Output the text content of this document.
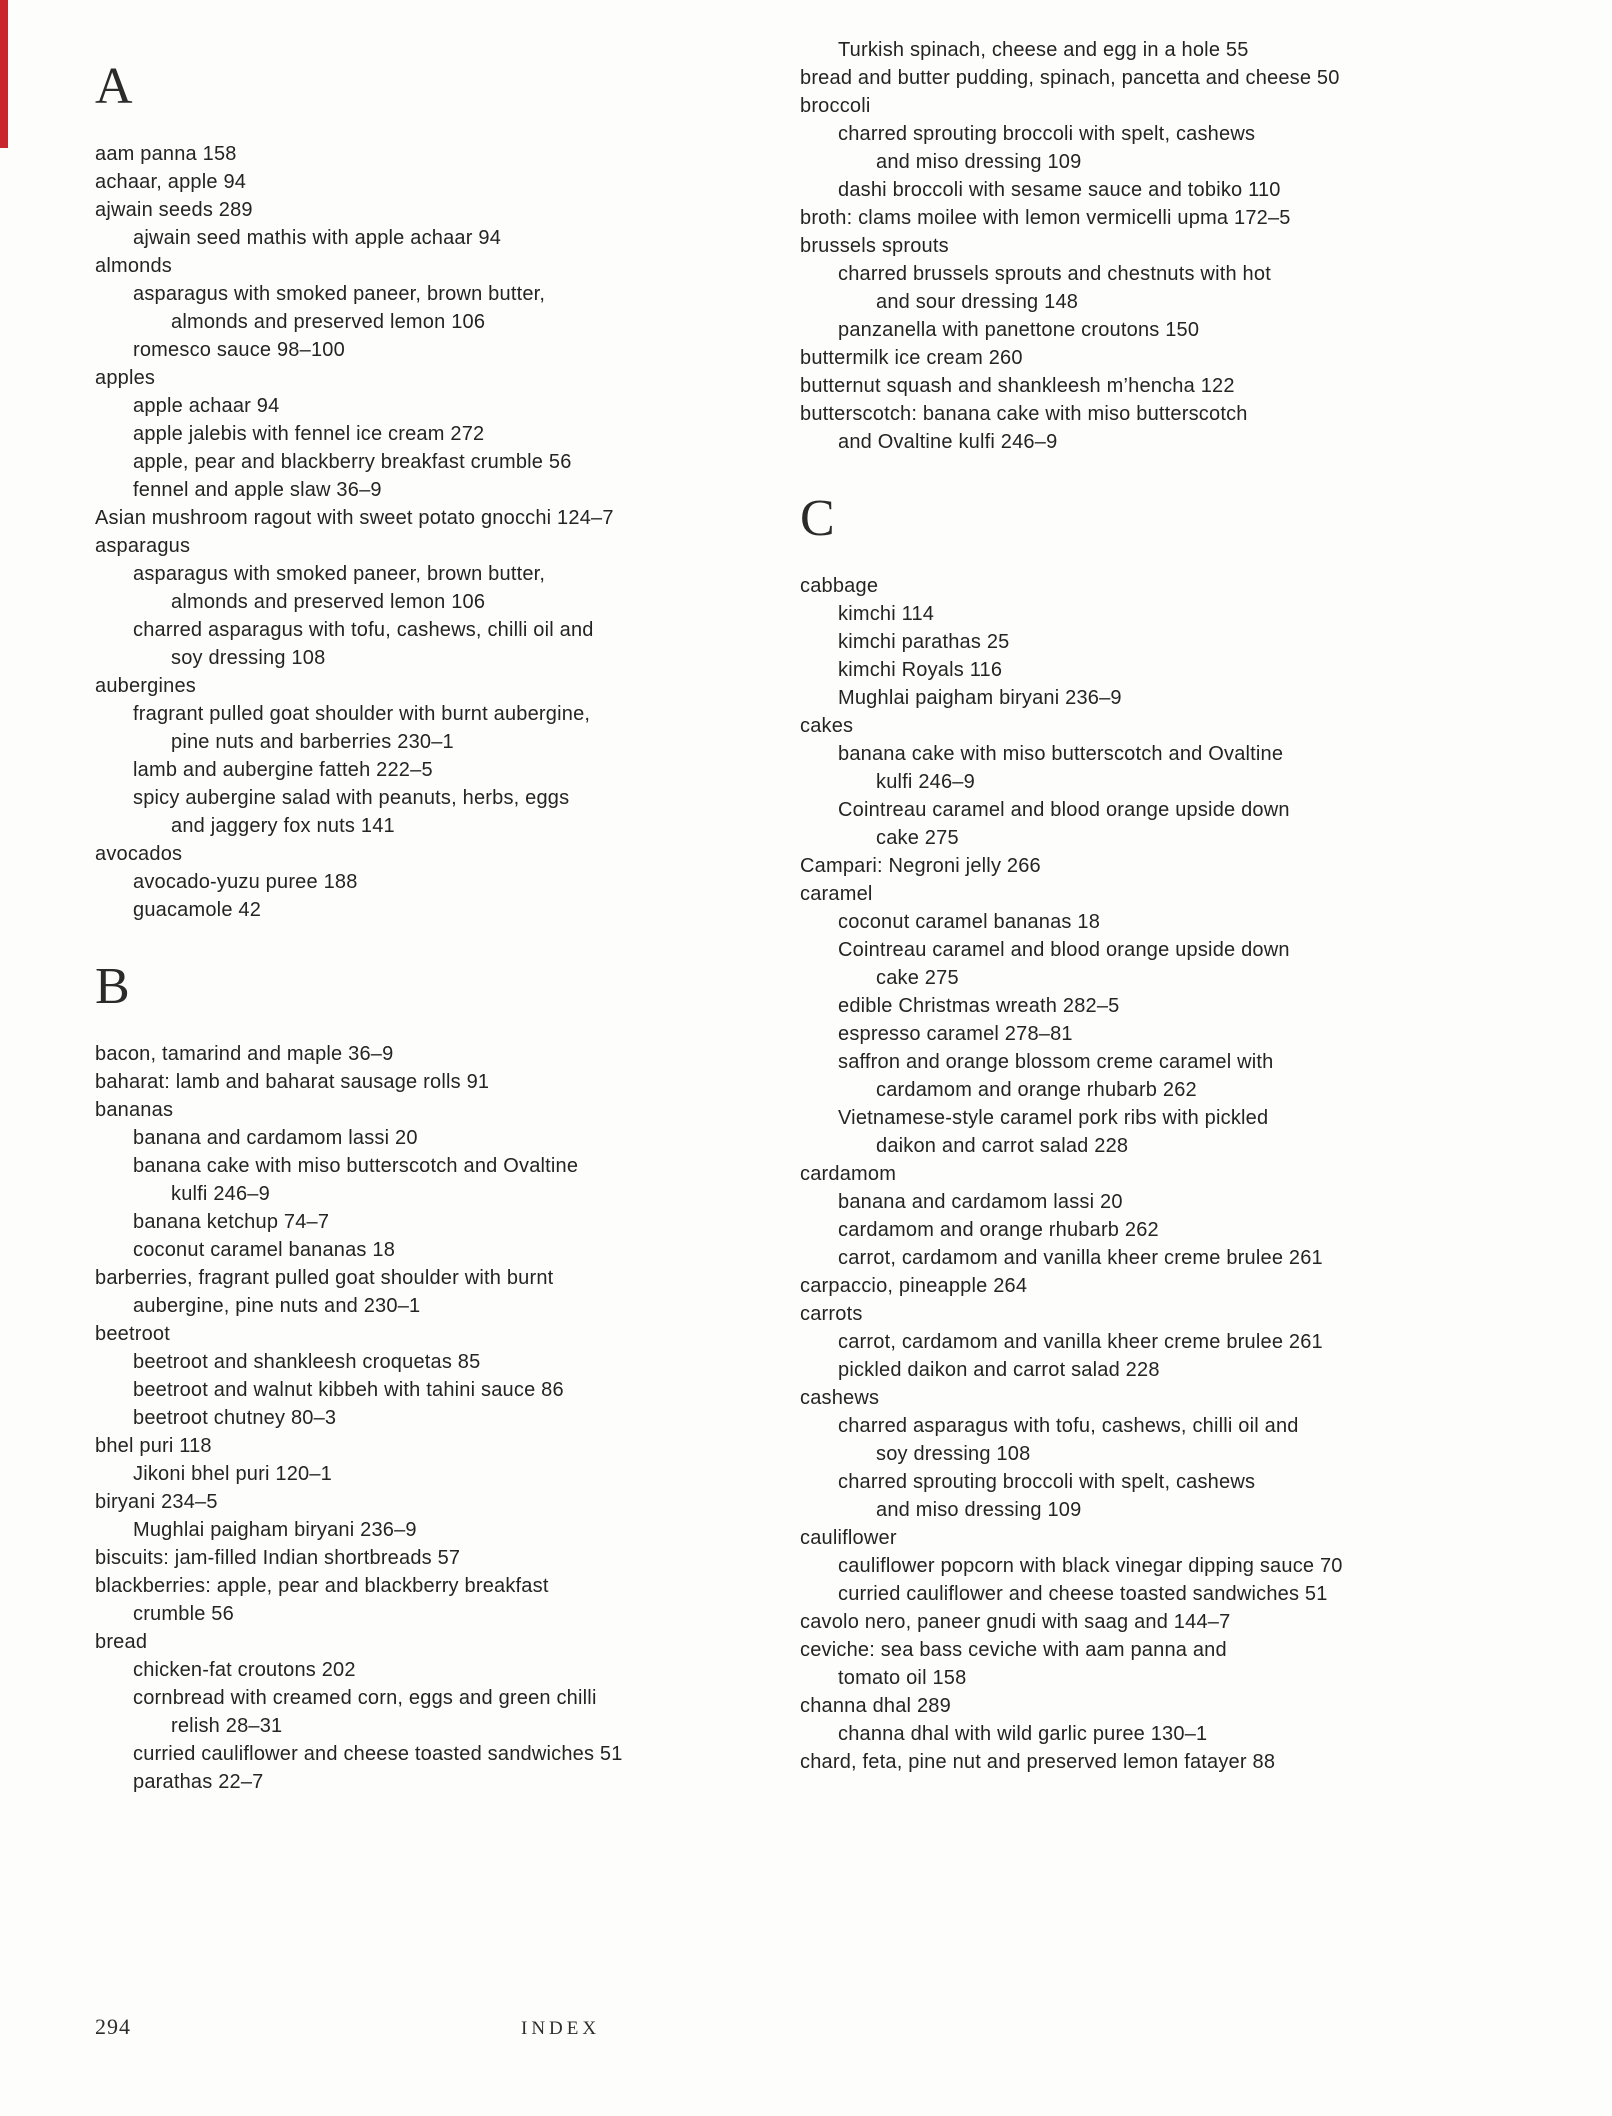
A
aam panna 158
achaar, apple 94
ajwain seeds 289
ajwain seed mathis with apple achaar 94
almonds
asparagus with smoked paneer, brown butter,
almonds and preserved lemon 106
romesco sauce 98–100
apples
apple achaar 94
apple jalebis with fennel ice cream 272
apple, pear and blackberry breakfast crumble 56
fennel and apple slaw 36–9
Asian mushroom ragout with sweet potato gnocchi 124–7
asparagus
asparagus with smoked paneer, brown butter,
almonds and preserved lemon 106
charred asparagus with tofu, cashews, chilli oil and
soy dressing 108
aubergines
fragrant pulled goat shoulder with burnt aubergine,
pine nuts and barberries 230–1
lamb and aubergine fatteh 222–5
spicy aubergine salad with peanuts, herbs, eggs
and jaggery fox nuts 141
avocados
avocado-yuzu puree 188
guacamole 42
B
bacon, tamarind and maple 36–9
baharat: lamb and baharat sausage rolls 91
bananas
banana and cardamom lassi 20
banana cake with miso butterscotch and Ovaltine
kulfi 246–9
banana ketchup 74–7
coconut caramel bananas 18
barberries, fragrant pulled goat shoulder with burnt
aubergine, pine nuts and 230–1
beetroot
beetroot and shankleesh croquetas 85
beetroot and walnut kibbeh with tahini sauce 86
beetroot chutney 80–3
bhel puri 118
Jikoni bhel puri 120–1
biryani 234–5
Mughlai paigham biryani 236–9
biscuits: jam-filled Indian shortbreads 57
blackberries: apple, pear and blackberry breakfast
crumble 56
bread
chicken-fat croutons 202
cornbread with creamed corn, eggs and green chilli
relish 28–31
curried cauliflower and cheese toasted sandwiches 51
parathas 22–7
Turkish spinach, cheese and egg in a hole 55
bread and butter pudding, spinach, pancetta and cheese 50
broccoli
charred sprouting broccoli with spelt, cashews
and miso dressing 109
dashi broccoli with sesame sauce and tobiko 110
broth: clams moilee with lemon vermicelli upma 172–5
brussels sprouts
charred brussels sprouts and chestnuts with hot
and sour dressing 148
panzanella with panettone croutons 150
buttermilk ice cream 260
butternut squash and shankleesh m’hencha 122
butterscotch: banana cake with miso butterscotch
and Ovaltine kulfi 246–9
C
cabbage
kimchi 114
kimchi parathas 25
kimchi Royals 116
Mughlai paigham biryani 236–9
cakes
banana cake with miso butterscotch and Ovaltine
kulfi 246–9
Cointreau caramel and blood orange upside down
cake 275
Campari: Negroni jelly 266
caramel
coconut caramel bananas 18
Cointreau caramel and blood orange upside down
cake 275
edible Christmas wreath 282–5
espresso caramel 278–81
saffron and orange blossom creme caramel with
cardamom and orange rhubarb 262
Vietnamese-style caramel pork ribs with pickled
daikon and carrot salad 228
cardamom
banana and cardamom lassi 20
cardamom and orange rhubarb 262
carrot, cardamom and vanilla kheer creme brulee 261
carpaccio, pineapple 264
carrots
carrot, cardamom and vanilla kheer creme brulee 261
pickled daikon and carrot salad 228
cashews
charred asparagus with tofu, cashews, chilli oil and
soy dressing 108
charred sprouting broccoli with spelt, cashews
and miso dressing 109
cauliflower
cauliflower popcorn with black vinegar dipping sauce 70
curried cauliflower and cheese toasted sandwiches 51
cavolo nero, paneer gnudi with saag and 144–7
ceviche: sea bass ceviche with aam panna and
tomato oil 158
channa dhal 289
channa dhal with wild garlic puree 130–1
chard, feta, pine nut and preserved lemon fatayer 88
294	INDEX
